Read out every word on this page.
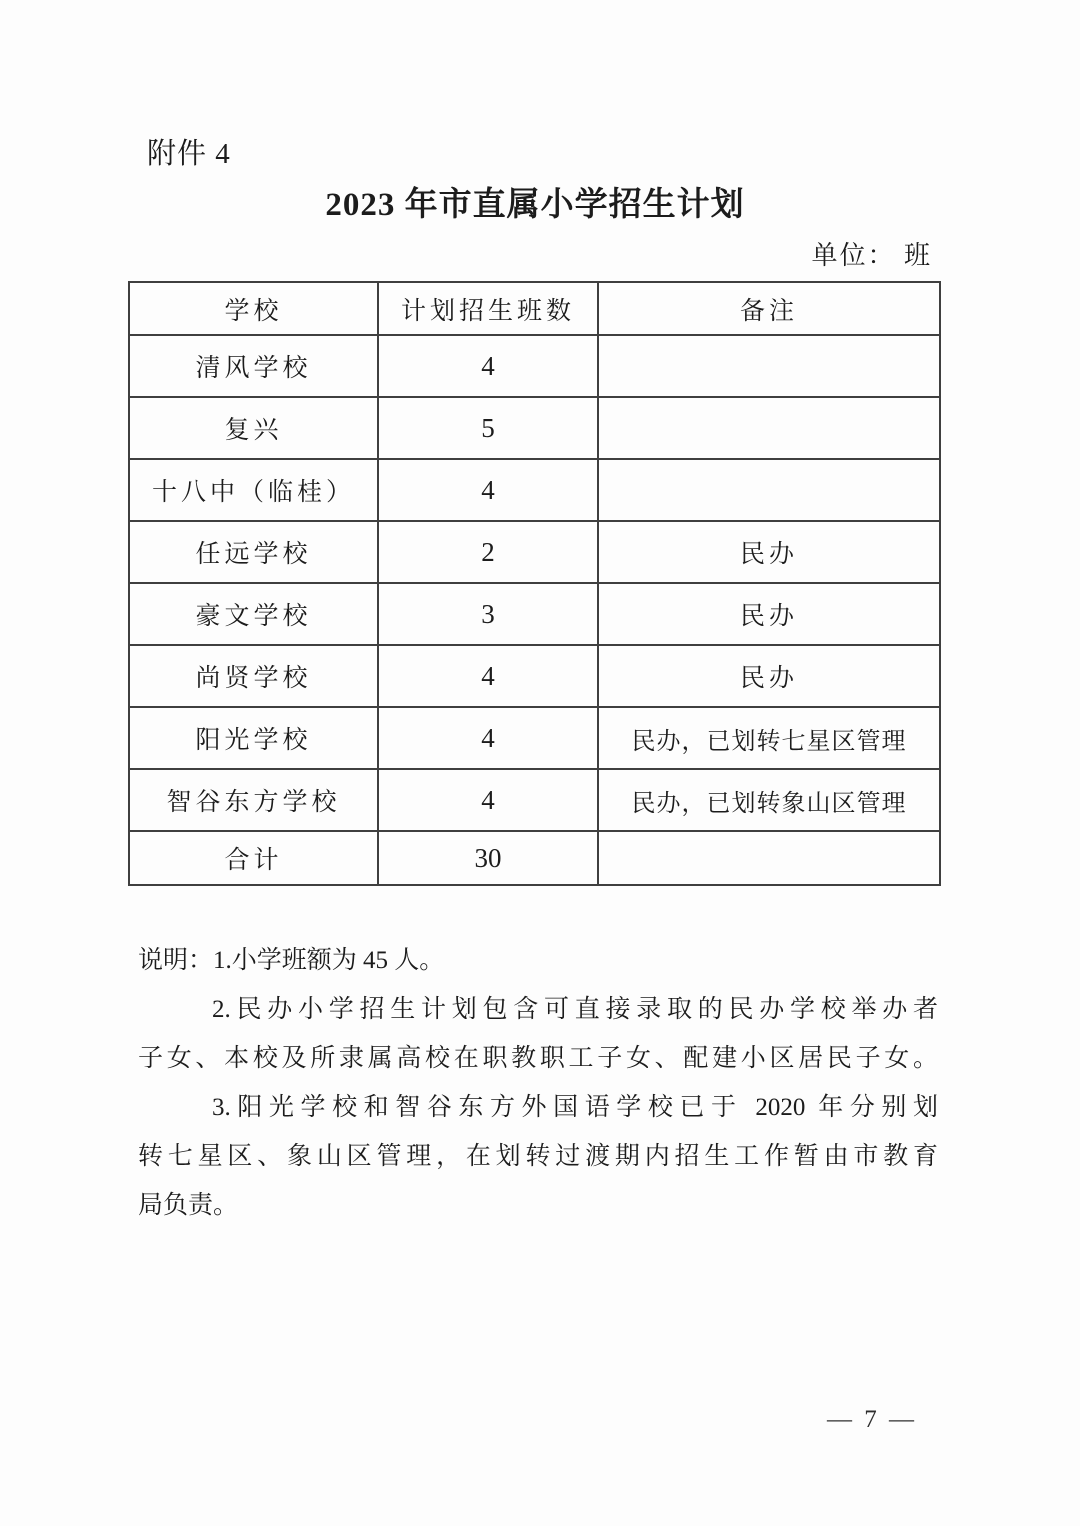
附件 4
2023 年市直属小学招生计划
单位： 班
学校	计划招生班数	备注
清风学校	4	
复兴	5	
十八中（临桂）	4	
任远学校	2	民办
豪文学校	3	民办
尚贤学校	4	民办
阳光学校	4	民办，已划转七星区管理
智谷东方学校	4	民办，已划转象山区管理
合计	30	
说明：1.小学班额为 45 人。
2.民办小学招生计划包含可直接录取的民办学校举办者
子女、本校及所隶属高校在职教职工子女、配建小区居民子女。
3.阳光学校和智谷东方外国语学校已于 2020 年分别划
转七星区、象山区管理，在划转过渡期内招生工作暂由市教育
局负责。
— 7 —
